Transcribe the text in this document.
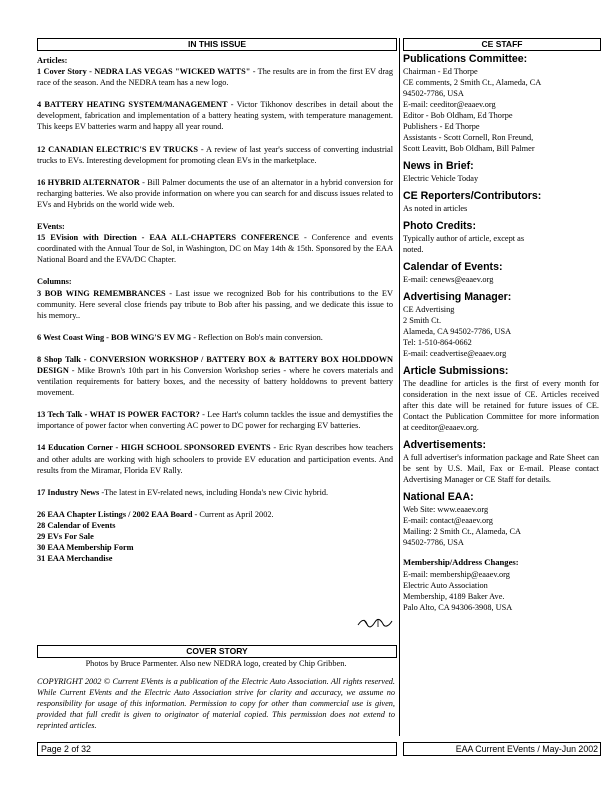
IN THIS ISSUE	CE STAFF
Articles:

1 Cover Story - NEDRA LAS VEGAS "WICKED WATTS" - The results are in from the first EV drag race of the season. And the NEDRA team has a new logo.

4 BATTERY HEATING SYSTEM/MANAGEMENT - Victor Tikhonov describes in detail about the development, fabrication and implementation of a battery heating system, with temperature management. This keeps EV batteries warm and happy all year round.

12 CANADIAN ELECTRIC'S EV TRUCKS - A review of last year's success of converting industrial trucks to EVs. Interesting development for promoting clean EVs in the marketplace.

16 HYBRID ALTERNATOR - Bill Palmer documents the use of an alternator in a hybrid conversion for recharging batteries. We also provide information on where you can search for and discuss issues related to EVs and Hybrids on the world wide web.

EVents:

15 EVision with Direction - EAA ALL-CHAPTERS CONFERENCE - Conference and events coordinated with the Annual Tour de Sol, in Washington, DC on May 14th & 15th. Sponsored by the EAA National Board and the EVA/DC Chapter.

Columns:

3 BOB WING REMEMBRANCES - Last issue we recognized Bob for his contributions to the EV community. Here several close friends pay tribute to Bob after his passing, and we dedicate this issue to his memory..

6 West Coast Wing - BOB WING'S EV MG - Reflection on Bob's main conversion.

8 Shop Talk - CONVERSION WORKSHOP / BATTERY BOX & BATTERY BOX HOLDDOWN DESIGN - Mike Brown's 10th part in his Conversion Workshop series - where he covers materials and ventilation requirements for battery boxes, and the necessity of battery holddowns to prevent battery movement.

13 Tech Talk - WHAT IS POWER FACTOR? - Lee Hart's column tackles the issue and demystifies the importance of power factor when converting AC power to DC power for recharging EV batteries.

14 Education Corner - HIGH SCHOOL SPONSORED EVENTS - Eric Ryan describes how teachers and other adults are working with high schoolers to provide EV education and participation events. And results from the Miramar, Florida EV Rally.

17 Industry News -The latest in EV-related news, including Honda's new Civic hybrid.

26 EAA Chapter Listings / 2002 EAA Board - Current as April 2002.

28 Calendar of Events

29 EVs For Sale

30 EAA Membership Form

31 EAA Merchandise

COVER STORY
Photos by Bruce Parmenter. Also new NEDRA logo, created by Chip Gribben.
COPYRIGHT 2002 © Current EVents is a publication of the Electric Auto Association. All rights reserved. While Current EVents and the Electric Auto Association strive for clarity and accuracy, we assume no responsibility for usage of this information. Permission to copy for other than commercial use is given, provided that full credit is given to originator of material copied. This permission does not extend to reprinted articles.
Publications Committee:
Chairman - Ed Thorpe
CE comments, 2 Smith Ct., Alameda, CA
94502-7786, USA
E-mail: ceeditor@eaaev.org
Editor - Bob Oldham, Ed Thorpe
Publishers - Ed Thorpe
Assistants - Scott Cornell, Ron Freund,
Scott Leavitt, Bob Oldham, Bill Palmer
News in Brief:
Electric Vehicle Today
CE Reporters/Contributors:
As noted in articles
Photo Credits:
Typically author of article, except as
noted.
Calendar of Events:
E-mail: cenews@eaaev.org
Advertising Manager:
CE Advertising
2 Smith Ct.
Alameda, CA 94502-7786, USA
Tel: 1-510-864-0662
E-mail: ceadvertise@eaaev.org
Article Submissions:
The deadline for articles is the first of every month for consideration in the next issue of CE. Articles received after this date will be retained for future issues of CE. Contact the Publication Committee for more information at ceeditor@eaaev.org.
Advertisements:
A full advertiser's information package and Rate Sheet can be sent by U.S. Mail, Fax or E-mail. Please contact Advertising Manager or CE Staff for details.
National EAA:
Web Site: www.eaaev.org
E-mail: contact@eaaev.org
Mailing: 2 Smith Ct., Alameda, CA
94502-7786, USA
Membership/Address Changes:
E-mail: membership@eaaev.org
Electric Auto Association
Membership, 4189 Baker Ave.
Palo Alto, CA 94306-3908, USA
Page 2 of 32	EAA Current EVents / May-Jun 2002
